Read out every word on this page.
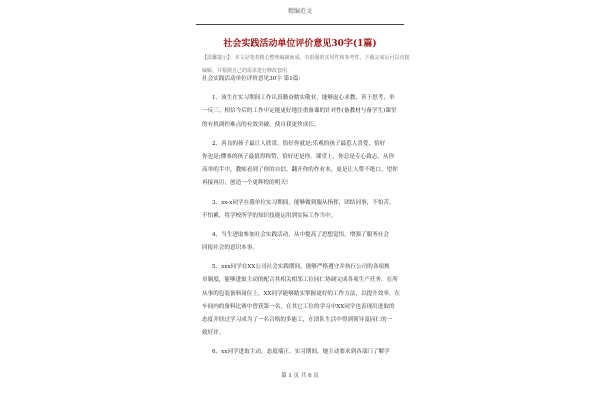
精编范文
社会实践活动单位评价意见30字(1篇)
【温馨提示】：本文是笔者精心整理编制而成，有很强的实用性和参考性，下载完成后可以直接
编辑，并根据自己的需求进行修改套用。
社会实践活动单位评价意见30字 第1篇：
1、该生在实习期间工作认真勤奋踏实敬业，能够虚心求教，善于思考，举
一反三。相信今后的工作中定能更好地注重备课的针对性(备教材与备学生)课堂
的有机调控难点的有效突破，使自我更快成长。
2、善良的孩子最让人欣赏，恰好你就是;乐观的孩子最惹人喜爱，恰好
你也是;懂事的孩子最值得称赞，恰好还是你。课堂上，你总是专心致志，从你
高举的手中，教师看到了你的自信。翻开你的作业本，更是让人赞不绝口。望你
再接再厉，创造一个更辉煌的明天!
3、xx-x同学在我单位实习期间，能够做到服从指挥，团结同事，不怕苦，
不怕累，将学校所学的知识技能运用到实际工作当中。
4、当生进取参加社会实践活动，从中提高了思想觉悟，增强了服务社会
回报社会的意识本事。
5、xxx同学在XX公司社会实践期间，能够严格遵守并执行公司的各项规
章制度，能够进取主动的配合其相关相邻工位同仁协调完成各项生产任务。在所
从事的包装备料岗位上，XX同学能够踏实掌握更好的工作方法，以提升效率，在
车间内的备料比赛中曾获第一名，在其它工位的学习中XX同学也表现出进取的
态度并经过学习成为了一名合格的多能工，在团队生活中得到领导及同仁的一
致好评。
6、xx同学进取主动，态度端正。实习期间，她主动要求到各部门了解学
第 1 页 共 6 页
